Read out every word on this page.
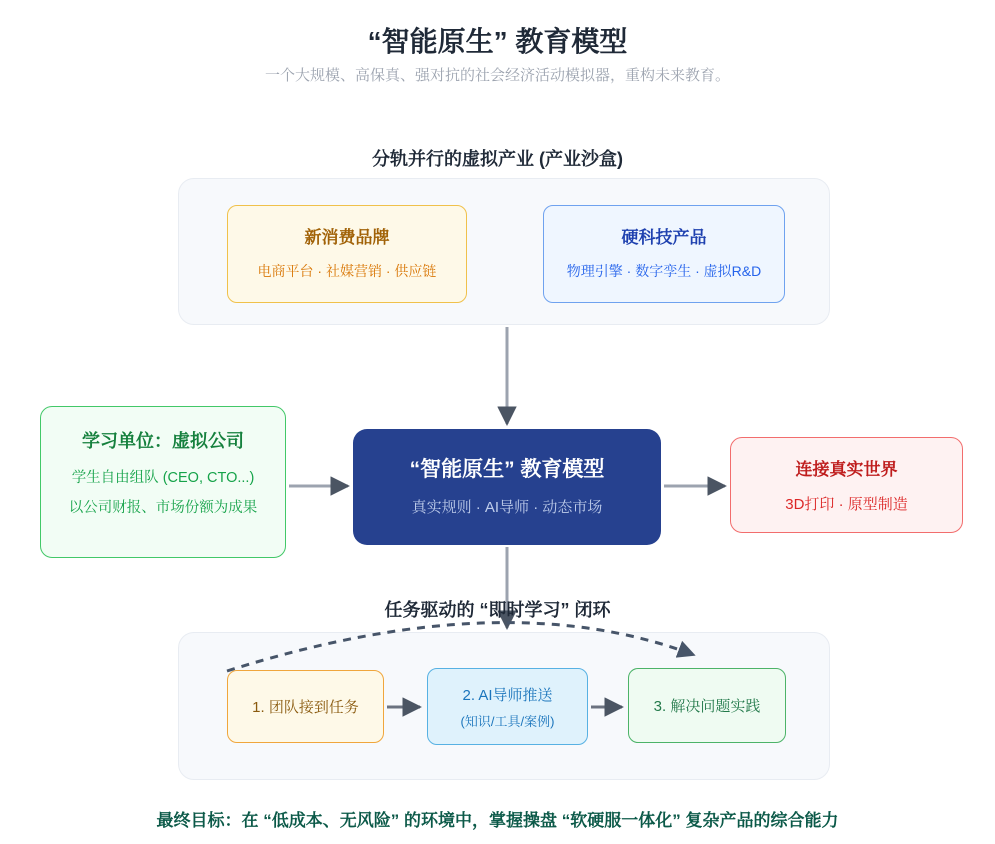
“智能原生” 教育模型
一个大规模、高保真、强对抗的社会经济活动模拟器，重构未来教育。
分轨并行的虚拟产业 (产业沙盒)
新消费品牌
电商平台 · 社媒营销 · 供应链
硬科技产品
物理引擎 · 数字孪生 · 虚拟R&D
学习单位：虚拟公司
学生自由组队 (CEO, CTO...)
以公司财报、市场份额为成果
“智能原生” 教育模型
真实规则 · AI导师 · 动态市场
连接真实世界
3D打印 · 原型制造
任务驱动的 “即时学习” 闭环
1. 团队接到任务
2. AI导师推送
(知识/工具/案例)
3. 解决问题实践
最终目标：在 “低成本、无风险” 的环境中，掌握操盘 “软硬服一体化” 复杂产品的综合能力
